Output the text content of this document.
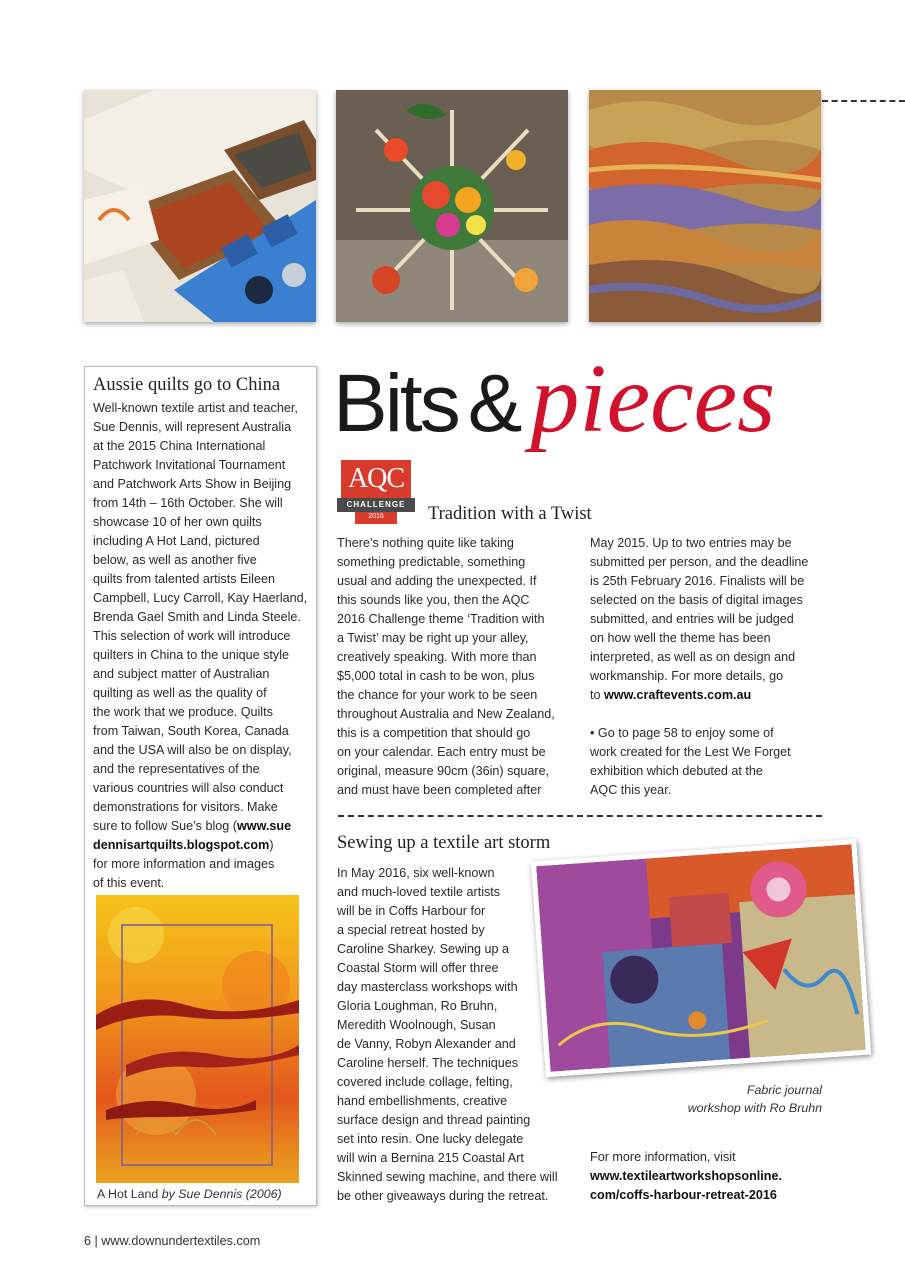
Aussie quilts go to China
Well-known textile artist and teacher,
Sue Dennis, will represent Australia
at the 2015 China International
Patchwork Invitational Tournament
and Patchwork Arts Show in Beijing
from 14th – 16th October. She will
showcase 10 of her own quilts
including A Hot Land, pictured
below, as well as another five
quilts from talented artists Eileen
Campbell, Lucy Carroll, Kay Haerland,
Brenda Gael Smith and Linda Steele.
This selection of work will introduce
quilters in China to the unique style
and subject matter of Australian
quilting as well as the quality of
the work that we produce. Quilts
from Taiwan, South Korea, Canada
and the USA will also be on display,
and the representatives of the
various countries will also conduct
demonstrations for visitors. Make
sure to follow Sue’s blog (www.sue
dennisartquilts.blogspot.com)
for more information and images
of this event.
A Hot Land by Sue Dennis (2006)
Bits &pieces
AQC
CHALLENGE
2016	Tradition with a Twist
There’s nothing quite like taking
something predictable, something
usual and adding the unexpected. If
this sounds like you, then the AQC
2016 Challenge theme ‘Tradition with
a Twist’ may be right up your alley,
creatively speaking. With more than
$5,000 total in cash to be won, plus
the chance for your work to be seen
throughout Australia and New Zealand,
this is a competition that should go
on your calendar. Each entry must be
original, measure 90cm (36in) square,
and must have been completed after
May 2015. Up to two entries may be
submitted per person, and the deadline
is 25th February 2016. Finalists will be
selected on the basis of digital images
submitted, and entries will be judged
on how well the theme has been
interpreted, as well as on design and
workmanship. For more details, go
to www.craftevents.com.au
• Go to page 58 to enjoy some of
work created for the Lest We Forget
exhibition which debuted at the
AQC this year.
Sewing up a textile art storm
In May 2016, six well-known
and much-loved textile artists
will be in Coffs Harbour for
a special retreat hosted by
Caroline Sharkey. Sewing up a
Coastal Storm will offer three
day masterclass workshops with
Gloria Loughman, Ro Bruhn,
Meredith Woolnough, Susan
de Vanny, Robyn Alexander and
Caroline herself. The techniques
covered include collage, felting,
hand embellishments, creative
surface design and thread painting
set into resin. One lucky delegate
will win a Bernina 215 Coastal Art
Skinned sewing machine, and there will
be other giveaways during the retreat.
Fabric journal
workshop with Ro Bruhn
For more information, visit
www.textileartworkshopsonline.
com/coffs-harbour-retreat-2016
6 | www.downundertextiles.com
